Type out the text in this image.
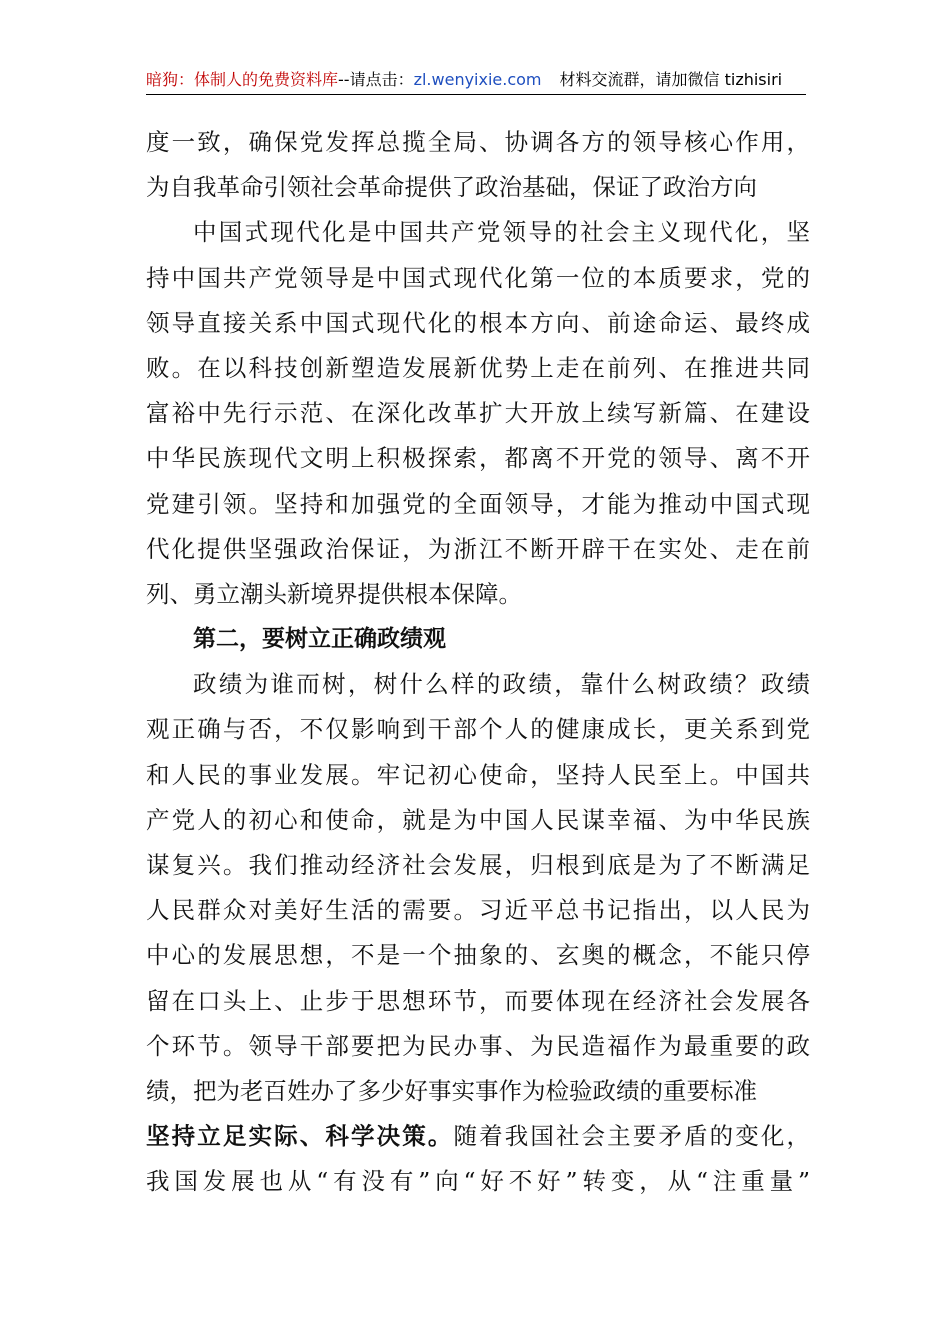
暗狗：体制人的免费资料库--请点击：zl.wenyixie.com 材料交流群，请加微信 tizhisiri
度一致，确保党发挥总揽全局、协调各方的领导核心作用，
为自我革命引领社会革命提供了政治基础，保证了政治方向
中国式现代化是中国共产党领导的社会主义现代化，坚
持中国共产党领导是中国式现代化第一位的本质要求，党的
领导直接关系中国式现代化的根本方向、前途命运、最终成
败。在以科技创新塑造发展新优势上走在前列、在推进共同
富裕中先行示范、在深化改革扩大开放上续写新篇、在建设
中华民族现代文明上积极探索，都离不开党的领导、离不开
党建引领。坚持和加强党的全面领导，才能为推动中国式现
代化提供坚强政治保证，为浙江不断开辟干在实处、走在前
列、勇立潮头新境界提供根本保障。
第二，要树立正确政绩观
政绩为谁而树，树什么样的政绩，靠什么树政绩？政绩
观正确与否，不仅影响到干部个人的健康成长，更关系到党
和人民的事业发展。牢记初心使命，坚持人民至上。中国共
产党人的初心和使命，就是为中国人民谋幸福、为中华民族
谋复兴。我们推动经济社会发展，归根到底是为了不断满足
人民群众对美好生活的需要。习近平总书记指出，以人民为
中心的发展思想，不是一个抽象的、玄奥的概念，不能只停
留在口头上、止步于思想环节，而要体现在经济社会发展各
个环节。领导干部要把为民办事、为民造福作为最重要的政
绩，把为老百姓办了多少好事实事作为检验政绩的重要标准
坚持立足实际、科学决策。随着我国社会主要矛盾的变化，
我国发展也从“有没有”向“好不好”转变，从“注重量”
